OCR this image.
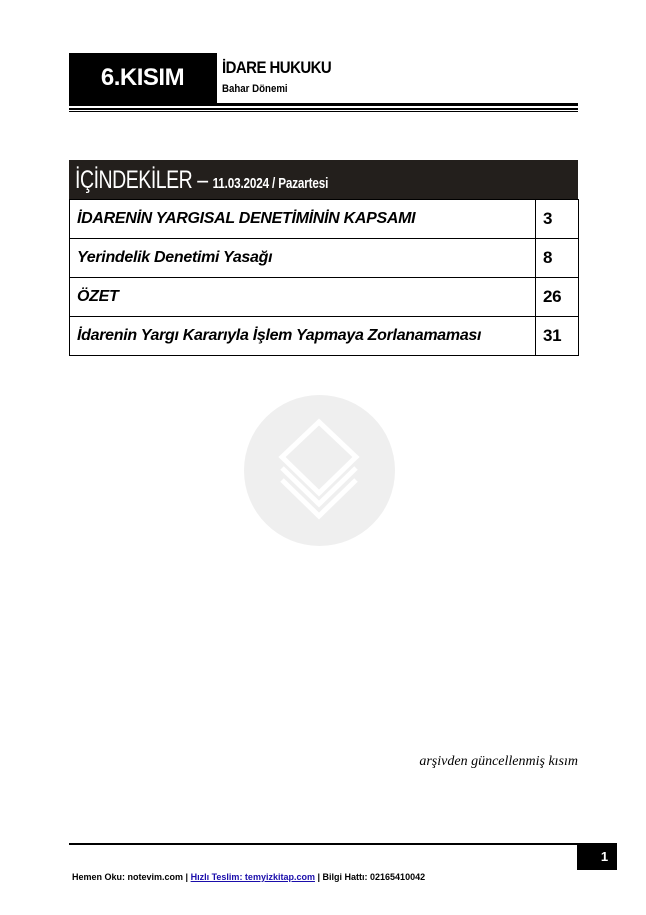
6.KISIM İDARE HUKUKU
Bahar Dönemi
İÇİNDEKİLER – 11.03.2024 / Pazartesi
İDARENİN YARGISAL DENETİMİNİN KAPSAMI	3
Yerindelik Denetimi Yasağı	8
ÖZET	26
İdarenin Yargı Kararıyla İşlem Yapmaya Zorlanamaması	31
arşivden güncellenmiş kısım
1
Hemen Oku: notevim.com | Hızlı Teslim: temyizkitap.com | Bilgi Hattı: 02165410042
